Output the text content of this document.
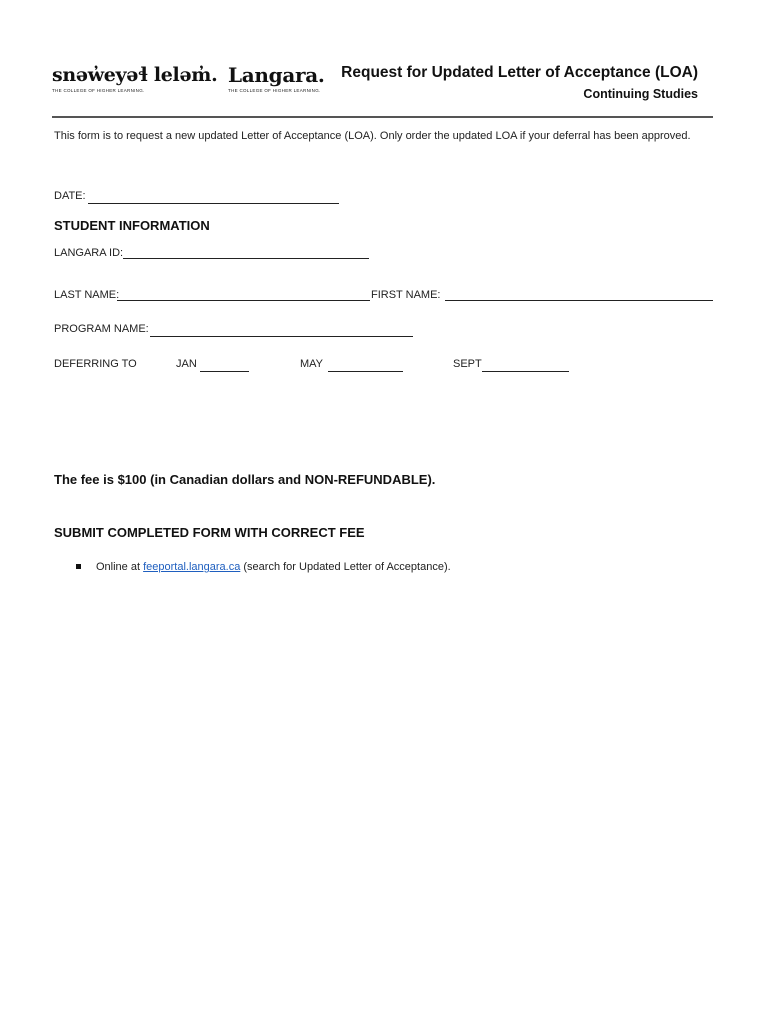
snəw̓eyəɬ leləm̓.
THE COLLEGE OF HIGHER LEARNING.
Langara.
THE COLLEGE OF HIGHER LEARNING.
Request for Updated Letter of Acceptance (LOA)
Continuing Studies
This form is to request a new updated Letter of Acceptance (LOA). Only order the updated LOA if your deferral has been approved.
DATE:
STUDENT INFORMATION
LANGARA ID:
LAST NAME:	FIRST NAME:
PROGRAM NAME:
DEFERRING TO	JAN	MAY	SEPT
The fee is $100 (in Canadian dollars and NON-REFUNDABLE).
SUBMIT COMPLETED FORM WITH CORRECT FEE
Online at feeportal.langara.ca (search for Updated Letter of Acceptance).
